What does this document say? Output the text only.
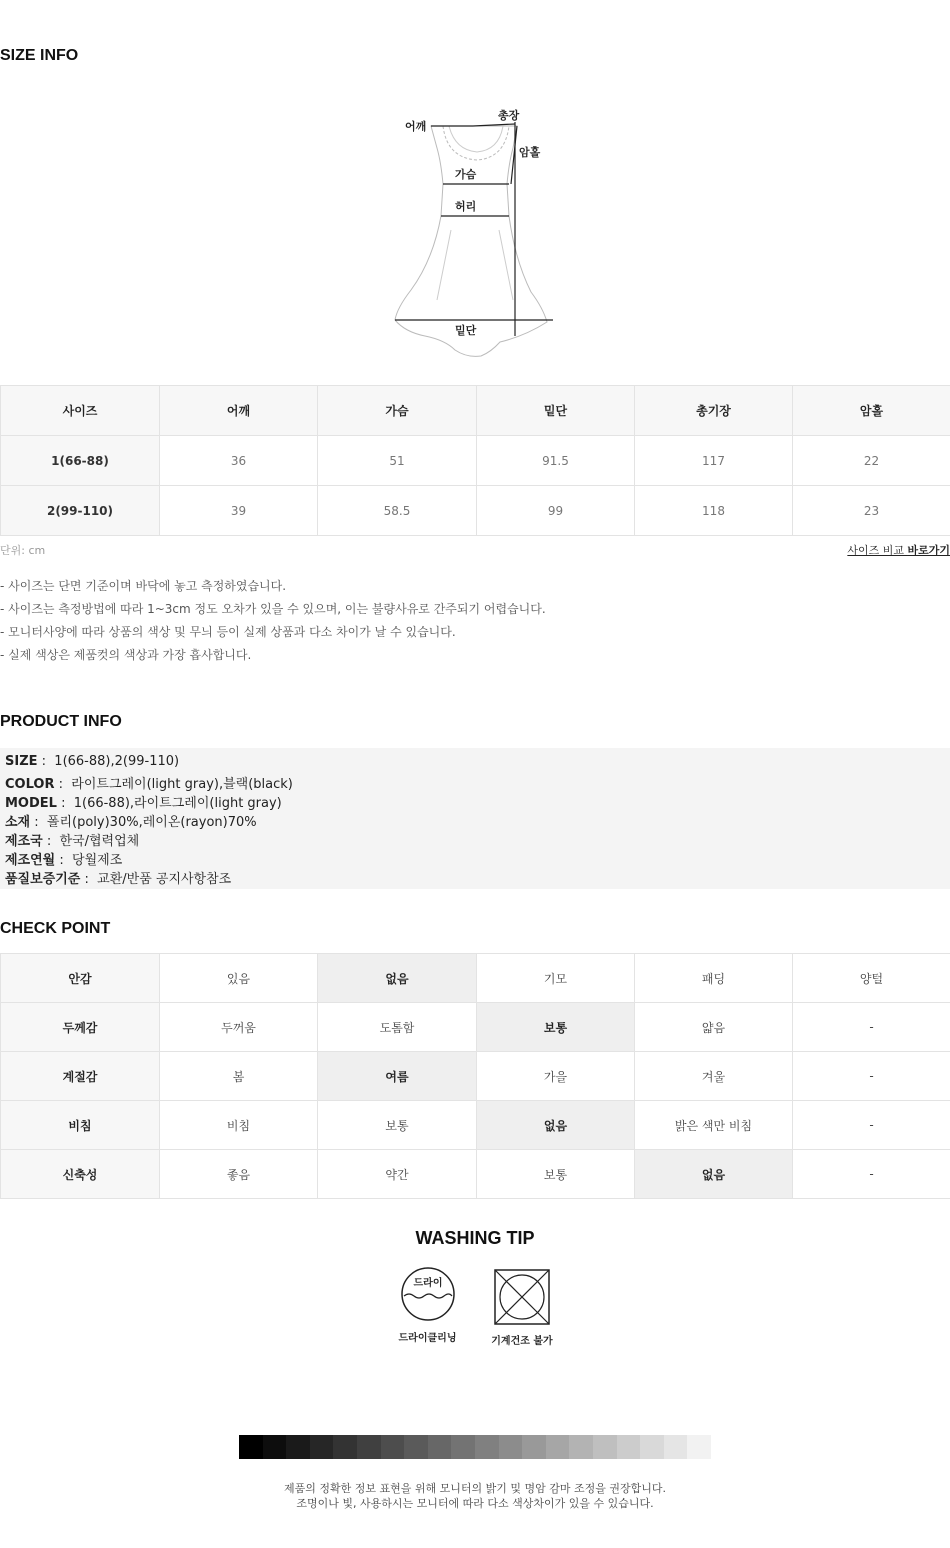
SIZE INFO
어깨
총장
암홀
가슴
허리
밑단
사이즈	어깨	가슴	밑단	총기장	암홀
1(66-88)	36	51	91.5	117	22
2(99-110)	39	58.5	99	118	23
단위: cm	사이즈 비교 바로가기
- 사이즈는 단면 기준이며 바닥에 놓고 측정하였습니다.
- 사이즈는 측정방법에 따라 1~3cm 정도 오차가 있을 수 있으며, 이는 불량사유로 간주되기 어렵습니다.
- 모니터사양에 따라 상품의 색상 및 무늬 등이 실제 상품과 다소 차이가 날 수 있습니다.
- 실제 색상은 제품컷의 색상과 가장 흡사합니다.
PRODUCT INFO
SIZE :  1(66-88),2(99-110)
COLOR :  라이트그레이(light gray),블랙(black)
MODEL :  1(66-88),라이트그레이(light gray)
소재 :  폴리(poly)30%,레이온(rayon)70%
제조국 :  한국/협력업체
제조연월 :  당월제조
품질보증기준 :  교환/반품 공지사항참조
CHECK POINT
안감	있음	없음	기모	패딩	양털
두께감	두꺼움	도톰함	보통	얇음	-
계절감	봄	여름	가을	겨울	-
비침	비침	보통	없음	밝은 색만 비침	-
신축성	좋음	약간	보통	없음	-
WASHING TIP
드라이
드라이클리닝	기계건조 불가
제품의 정확한 정보 표현을 위해 모니터의 밝기 및 명암 감마 조정을 권장합니다.
조명이나 빛, 사용하시는 모니터에 따라 다소 색상차이가 있을 수 있습니다.
